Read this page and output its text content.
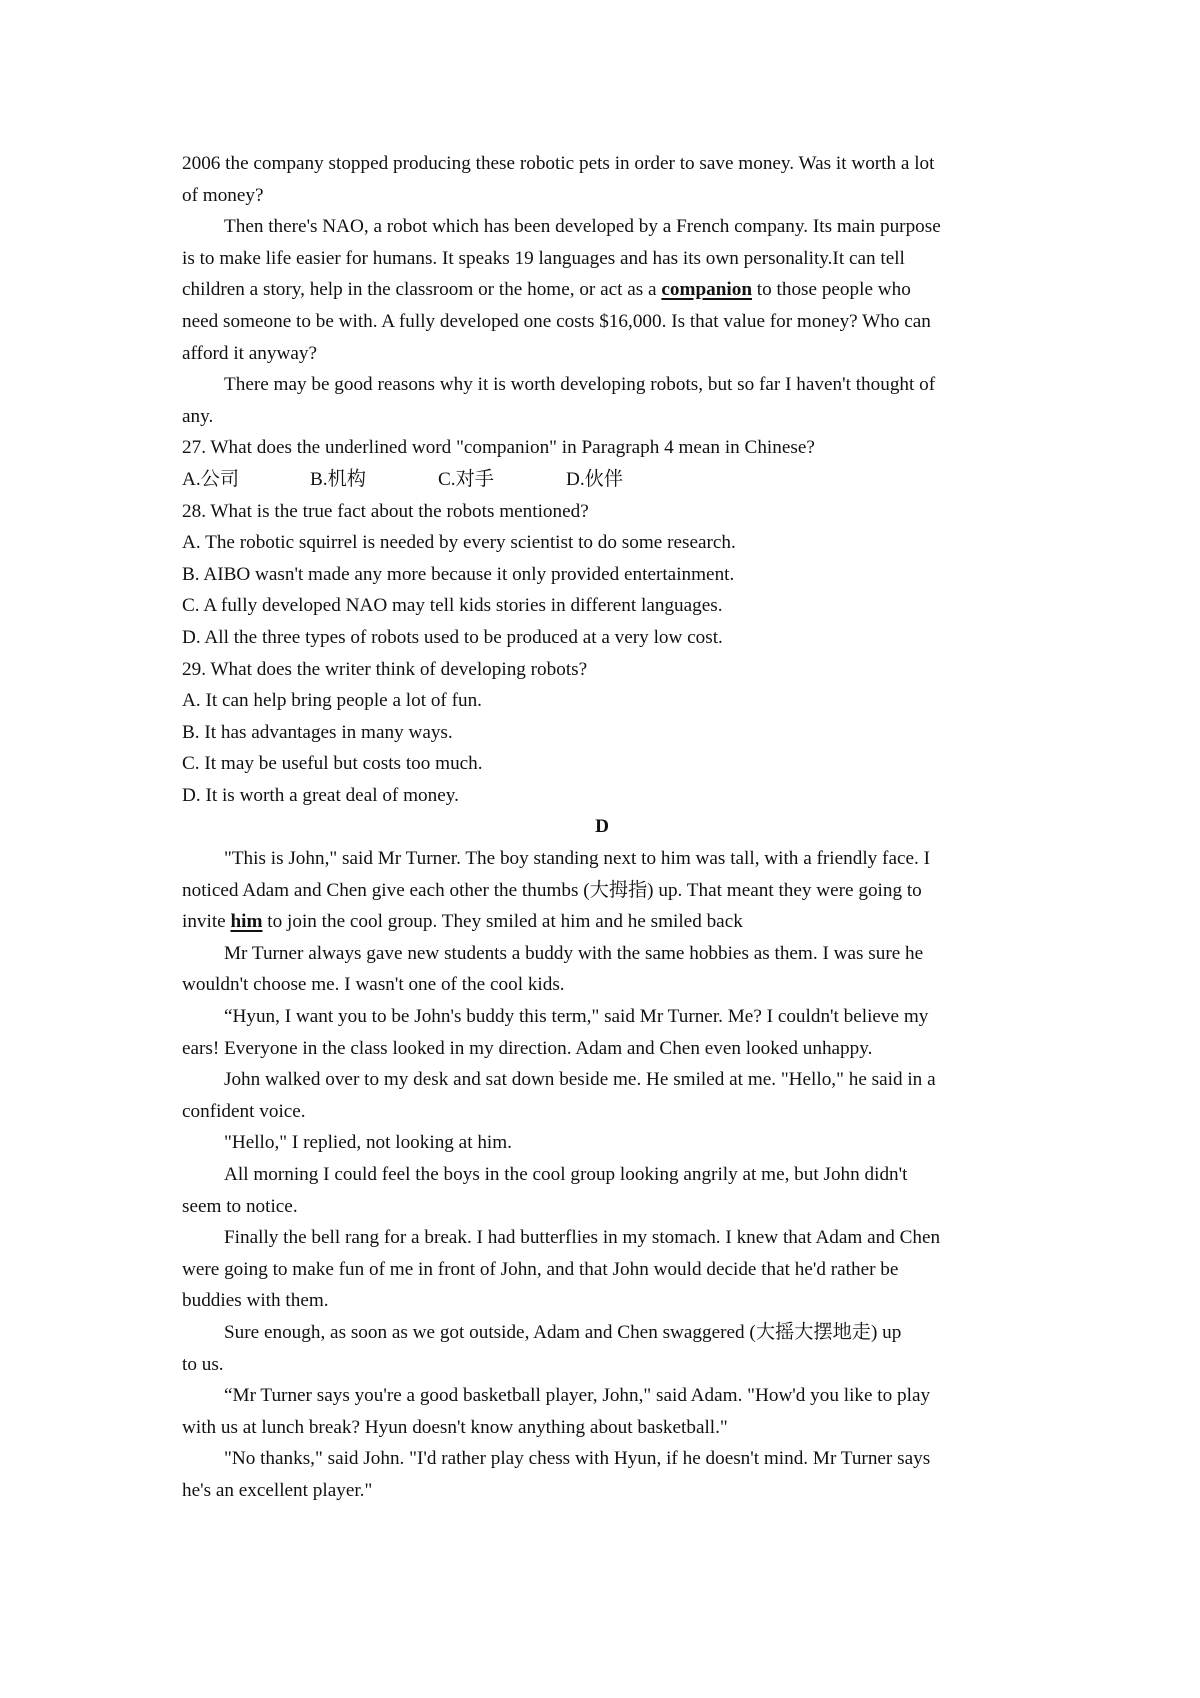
2006 the company stopped producing these robotic pets in order to save money. Was it worth a lot
of money?
Then there's NAO, a robot which has been developed by a French company. Its main purpose
is to make life easier for humans. It speaks 19 languages and has its own personality.It can tell
children a story, help in the classroom or the home, or act as a companion to those people who
need someone to be with. A fully developed one costs $16,000. Is that value for money? Who can
afford it anyway?
There may be good reasons why it is worth developing robots, but so far I haven't thought of
any.
27. What does the underlined word "companion" in Paragraph 4 mean in Chinese?
A.公司	B.机构	C.对手	D.伙伴
28. What is the true fact about the robots mentioned?
A. The robotic squirrel is needed by every scientist to do some research.
B. AIBO wasn't made any more because it only provided entertainment.
C. A fully developed NAO may tell kids stories in different languages.
D. All the three types of robots used to be produced at a very low cost.
29. What does the writer think of developing robots?
A. It can help bring people a lot of fun.
B. It has advantages in many ways.
C. It may be useful but costs too much.
D. It is worth a great deal of money.
D
"This is John," said Mr Turner. The boy standing next to him was tall, with a friendly face. I
noticed Adam and Chen give each other the thumbs (大拇指) up. That meant they were going to
invite him to join the cool group. They smiled at him and he smiled back
Mr Turner always gave new students a buddy with the same hobbies as them. I was sure he
wouldn't choose me. I wasn't one of the cool kids.
“Hyun, I want you to be John's buddy this term," said Mr Turner. Me? I couldn't believe my
ears! Everyone in the class looked in my direction. Adam and Chen even looked unhappy.
John walked over to my desk and sat down beside me. He smiled at me. "Hello," he said in a
confident voice.
"Hello," I replied, not looking at him.
All morning I could feel the boys in the cool group looking angrily at me, but John didn't
seem to notice.
Finally the bell rang for a break. I had butterflies in my stomach. I knew that Adam and Chen
were going to make fun of me in front of John, and that John would decide that he'd rather be
buddies with them.
Sure enough, as soon as we got outside, Adam and Chen swaggered (大摇大摆地走) up
to us.
“Mr Turner says you're a good basketball player, John," said Adam. "How'd you like to play
with us at lunch break? Hyun doesn't know anything about basketball."
"No thanks," said John. "I'd rather play chess with Hyun, if he doesn't mind. Mr Turner says
he's an excellent player."
